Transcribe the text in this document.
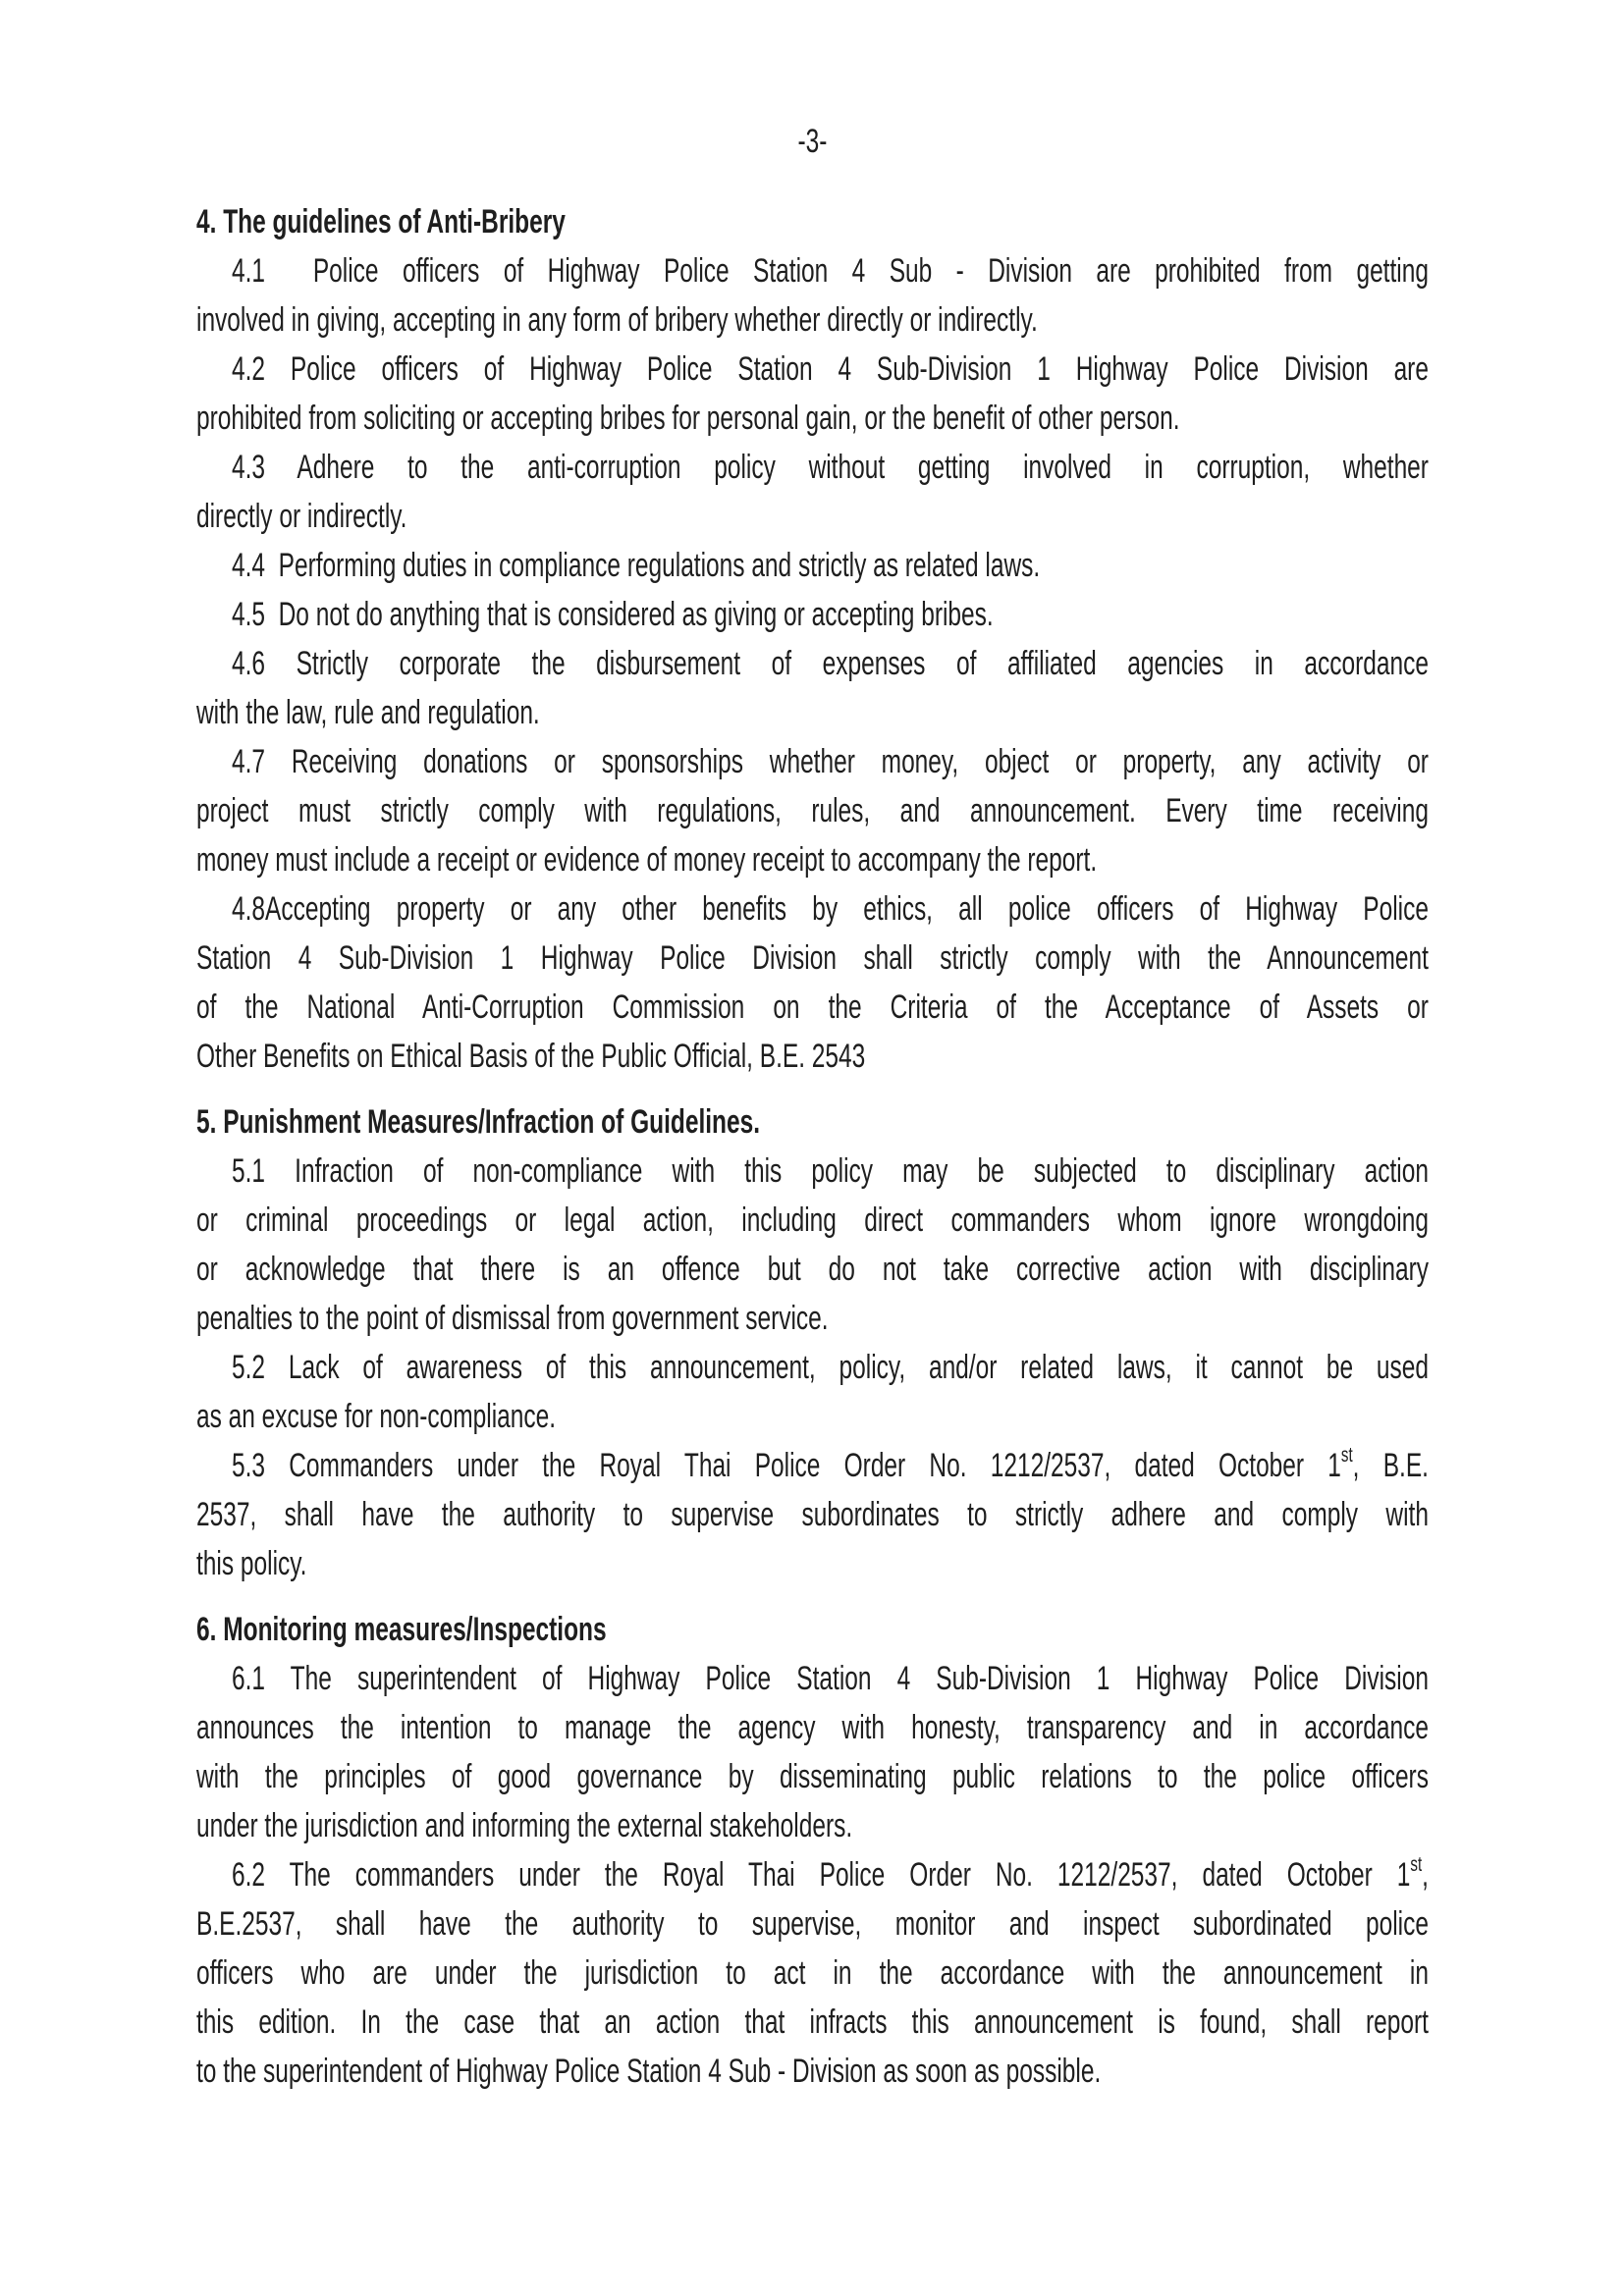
-3-
4. The guidelines of Anti-Bribery
4.1  Police officers of Highway Police Station 4 Sub - Division are prohibited from getting
involved in giving, accepting in any form of bribery whether directly or indirectly.
4.2 Police officers of Highway Police Station 4 Sub-Division 1 Highway Police Division are
prohibited from soliciting or accepting bribes for personal gain, or the benefit of other person.
4.3 Adhere to the anti-corruption policy without getting involved in corruption, whether
directly or indirectly.
4.4  Performing duties in compliance regulations and strictly as related laws.
4.5  Do not do anything that is considered as giving or accepting bribes.
4.6 Strictly corporate the disbursement of expenses of affiliated agencies in accordance
with the law, rule and regulation.
4.7 Receiving donations or sponsorships whether money, object or property, any activity or
project must strictly comply with regulations, rules, and announcement. Every time receiving
money must include a receipt or evidence of money receipt to accompany the report.
4.8Accepting property or any other benefits by ethics, all police officers of Highway Police
Station 4 Sub-Division 1 Highway Police Division shall strictly comply with the Announcement
of the National Anti-Corruption Commission on the Criteria of the Acceptance of Assets or
Other Benefits on Ethical Basis of the Public Official, B.E. 2543
5. Punishment Measures/Infraction of Guidelines.
5.1 Infraction of non-compliance with this policy may be subjected to disciplinary action
or criminal proceedings or legal action, including direct commanders whom ignore wrongdoing
or acknowledge that there is an offence but do not take corrective action with disciplinary
penalties to the point of dismissal from government service.
5.2 Lack of awareness of this announcement, policy, and/or related laws, it cannot be used
as an excuse for non-compliance.
5.3 Commanders under the Royal Thai Police Order No. 1212/2537, dated October 1st, B.E.
2537, shall have the authority to supervise subordinates to strictly adhere and comply with
this policy.
6. Monitoring measures/Inspections
6.1 The superintendent of Highway Police Station 4 Sub-Division 1 Highway Police Division
announces the intention to manage the agency with honesty, transparency and in accordance
with the principles of good governance by disseminating public relations to the police officers
under the jurisdiction and informing the external stakeholders.
6.2 The commanders under the Royal Thai Police Order No. 1212/2537, dated October 1st,
B.E.2537, shall have the authority to supervise, monitor and inspect subordinated police
officers who are under the jurisdiction to act in the accordance with the announcement in
this edition. In the case that an action that infracts this announcement is found, shall report
to the superintendent of Highway Police Station 4 Sub - Division as soon as possible.
